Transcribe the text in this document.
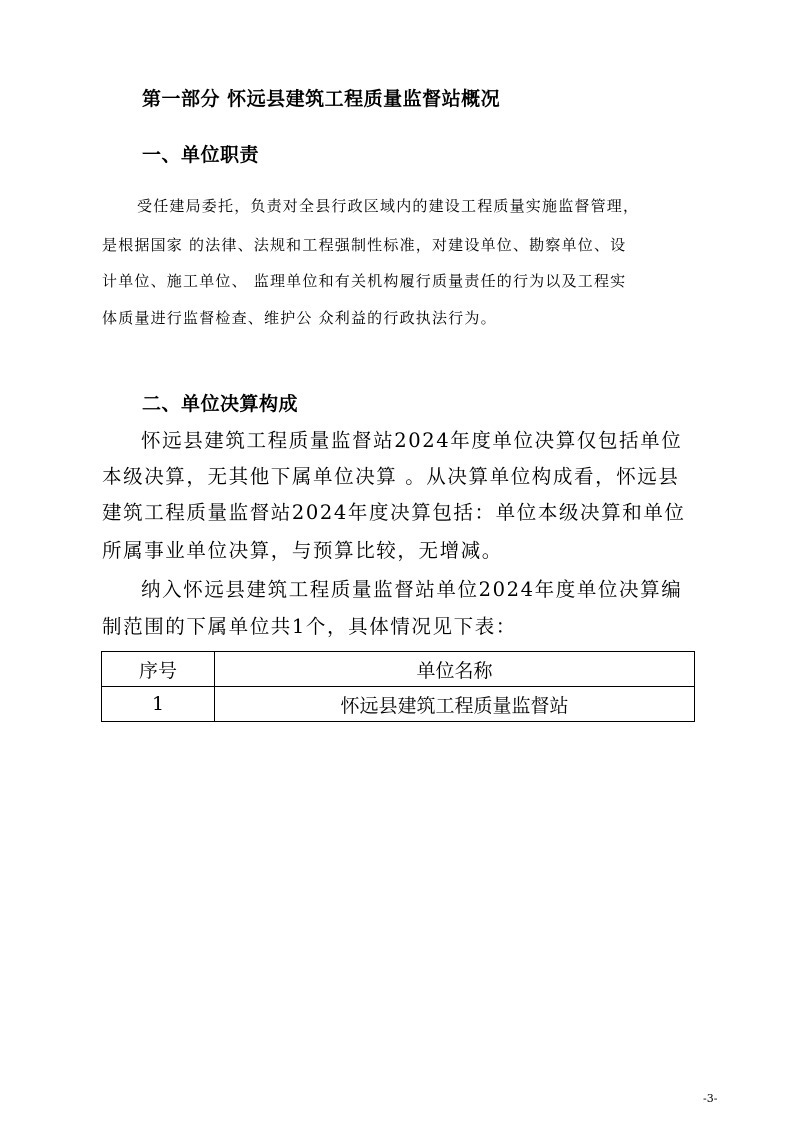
第一部分 怀远县建筑工程质量监督站概况
一、单位职责
受任建局委托，负责对全县行政区域内的建设工程质量实施监督管理，
是根据国家 的法律、法规和工程强制性标准，对建设单位、勘察单位、设
计单位、施工单位、 监理单位和有关机构履行质量责任的行为以及工程实
体质量进行监督检查、维护公 众利益的行政执法行为。
二、单位决算构成
怀远县建筑工程质量监督站2024年度单位决算仅包括单位
本级决算，无其他下属单位决算 。从决算单位构成看，怀远县
建筑工程质量监督站2024年度决算包括：单位本级决算和单位
所属事业单位决算，与预算比较，无增减。
纳入怀远县建筑工程质量监督站单位2024年度单位决算编
制范围的下属单位共1个，具体情况见下表：
序号	单位名称
1	怀远县建筑工程质量监督站
-3-
